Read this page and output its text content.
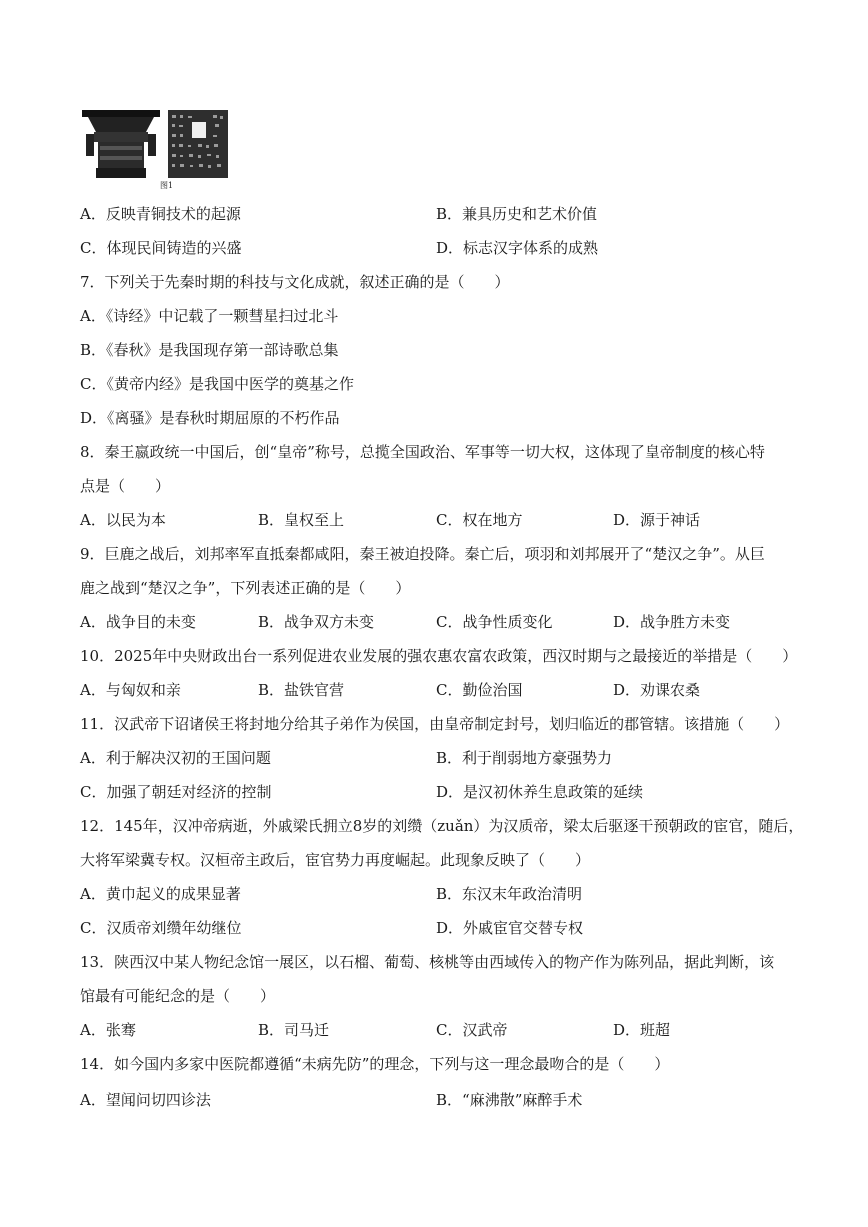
图1
A．反映青铜技术的起源	B．兼具历史和艺术价值
C．体现民间铸造的兴盛	D．标志汉字体系的成熟
7．下列关于先秦时期的科技与文化成就，叙述正确的是（　　）
A．《诗经》中记载了一颗彗星扫过北斗
B．《春秋》是我国现存第一部诗歌总集
C．《黄帝内经》是我国中医学的奠基之作
D．《离骚》是春秋时期屈原的不朽作品
8．秦王嬴政统一中国后，创“皇帝”称号，总揽全国政治、军事等一切大权，这体现了皇帝制度的核心特
点是（　　）
A．以民为本	B．皇权至上	C．权在地方	D．源于神话
9．巨鹿之战后，刘邦率军直抵秦都咸阳，秦王被迫投降。秦亡后，项羽和刘邦展开了“楚汉之争”。从巨
鹿之战到“楚汉之争”，下列表述正确的是（　　）
A．战争目的未变	B．战争双方未变	C．战争性质变化	D．战争胜方未变
10．2025年中央财政出台一系列促进农业发展的强农惠农富农政策，西汉时期与之最接近的举措是（　　）
A．与匈奴和亲	B．盐铁官营	C．勤俭治国	D．劝课农桑
11．汉武帝下诏诸侯王将封地分给其子弟作为侯国，由皇帝制定封号，划归临近的郡管辖。该措施（　　）
A．利于解决汉初的王国问题	B．利于削弱地方豪强势力
C．加强了朝廷对经济的控制	D．是汉初休养生息政策的延续
12．145年，汉冲帝病逝，外戚梁氏拥立8岁的刘缵（zuǎn）为汉质帝，梁太后驱逐干预朝政的宦官，随后，
大将军梁冀专权。汉桓帝主政后，宦官势力再度崛起。此现象反映了（　　）
A．黄巾起义的成果显著	B．东汉末年政治清明
C．汉质帝刘缵年幼继位	D．外戚宦官交替专权
13．陕西汉中某人物纪念馆一展区，以石榴、葡萄、核桃等由西域传入的物产作为陈列品，据此判断，该
馆最有可能纪念的是（　　）
A．张骞	B．司马迁	C．汉武帝	D．班超
14．如今国内多家中医院都遵循“未病先防”的理念，下列与这一理念最吻合的是（　　）
A．望闻问切四诊法	B．“麻沸散”麻醉手术
